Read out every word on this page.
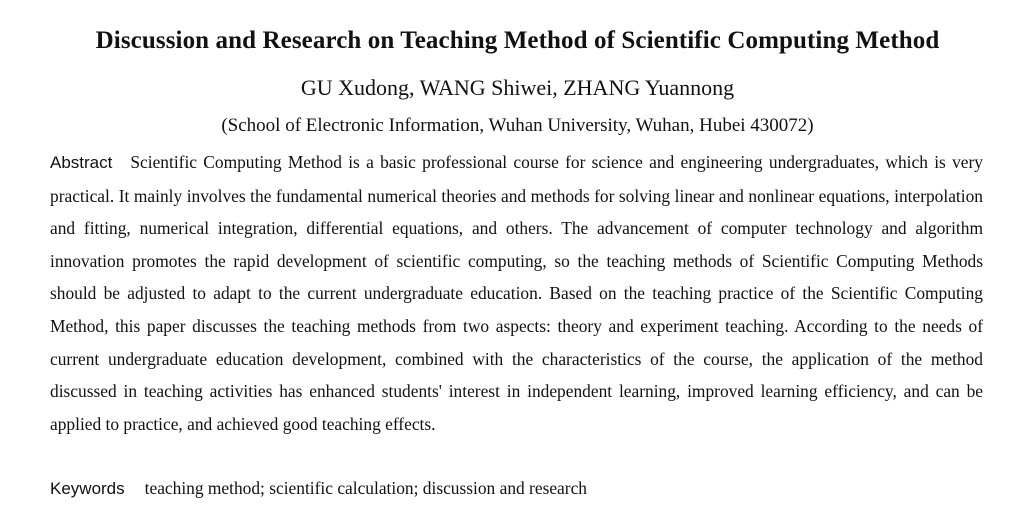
Discussion and Research on Teaching Method of Scientific Computing Method
GU Xudong, WANG Shiwei, ZHANG Yuannong
(School of Electronic Information, Wuhan University, Wuhan, Hubei 430072)

Abstract Scientific Computing Method is a basic professional course for science and engineering undergraduates, which is very practical. It mainly involves the fundamental numerical theories and methods for solving linear and nonlinear equations, interpolation and fitting, numerical integration, differential equations, and others. The advancement of computer technology and algorithm innovation promotes the rapid development of scientific computing, so the teaching methods of Scientific Computing Methods should be adjusted to adapt to the current undergraduate education. Based on the teaching practice of the Scientific Computing Method, this paper discusses the teaching methods from two aspects: theory and experiment teaching. According to the needs of current undergraduate education development, combined with the characteristics of the course, the application of the method discussed in teaching activities has enhanced students' interest in independent learning, improved learning efficiency, and can be applied to practice, and achieved good teaching effects.

Keywords teaching method; scientific calculation; discussion and research
